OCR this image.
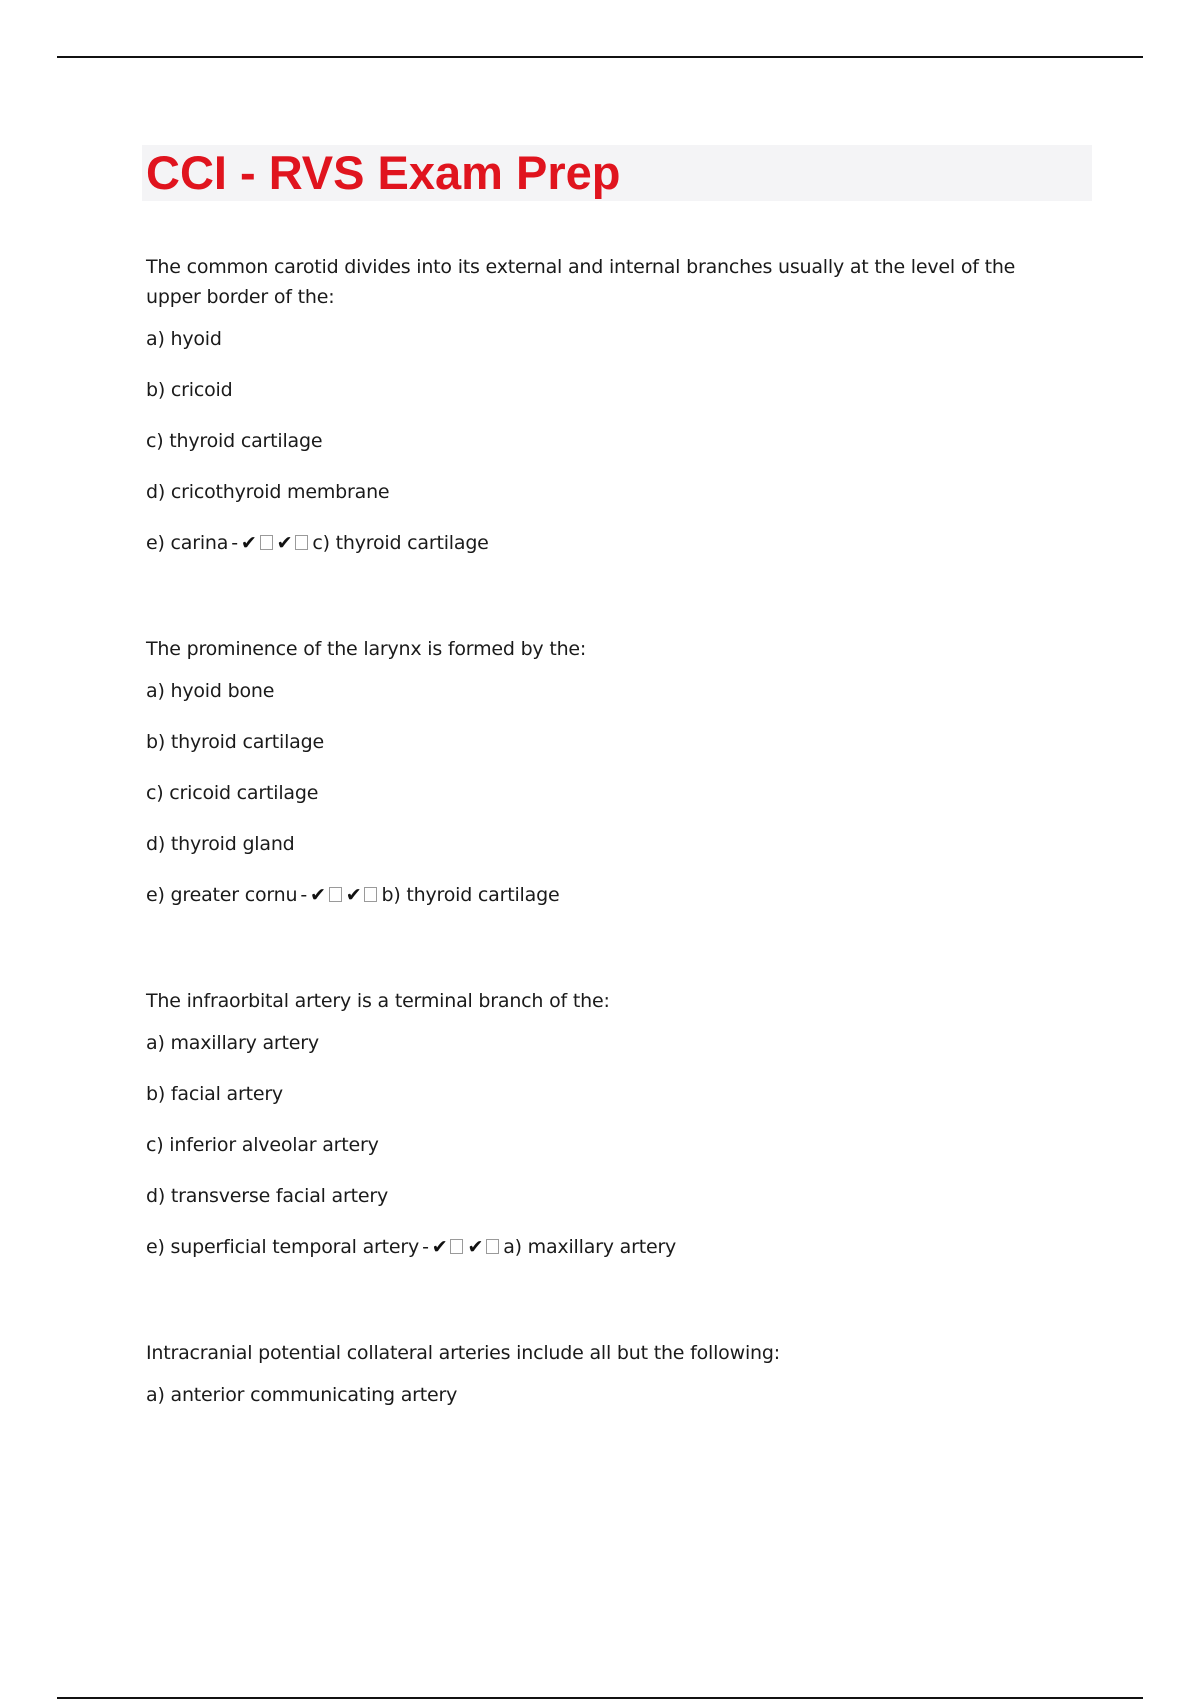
CCI - RVS Exam Prep

The common carotid divides into its external and internal branches usually at the level of the upper border of the:

a) hyoid

b) cricoid

c) thyroid cartilage

d) cricothyroid membrane

e) carina - ✔ ✔ c) thyroid cartilage

The prominence of the larynx is formed by the:

a) hyoid bone

b) thyroid cartilage

c) cricoid cartilage

d) thyroid gland

e) greater cornu - ✔ ✔ b) thyroid cartilage

The infraorbital artery is a terminal branch of the:

a) maxillary artery

b) facial artery

c) inferior alveolar artery

d) transverse facial artery

e) superficial temporal artery - ✔ ✔ a) maxillary artery

Intracranial potential collateral arteries include all but the following:

a) anterior communicating artery
